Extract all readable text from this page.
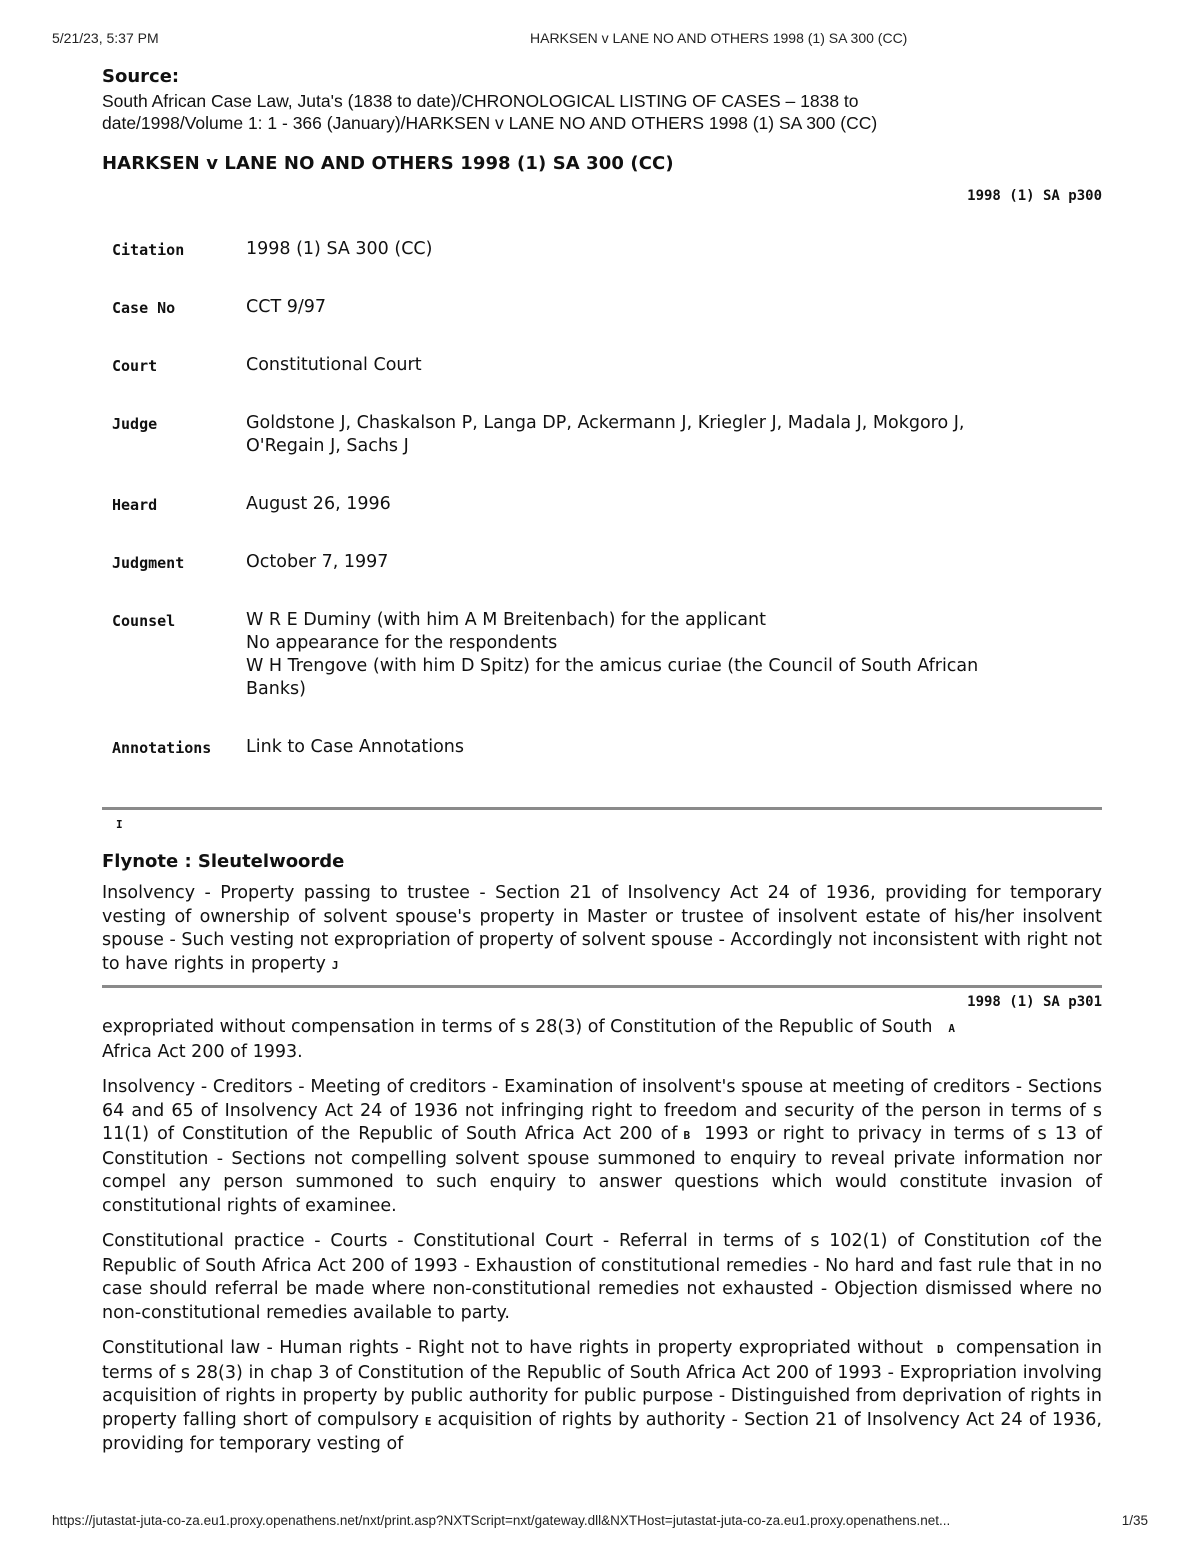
5/21/23, 5:37 PM	HARKSEN v LANE NO AND OTHERS 1998 (1) SA 300 (CC)
Source:
South African Case Law, Juta's (1838 to date)/CHRONOLOGICAL LISTING OF CASES – 1838 to
date/1998/Volume 1: 1 - 366 (January)/HARKSEN v LANE NO AND OTHERS 1998 (1) SA 300 (CC)
HARKSEN v LANE NO AND OTHERS 1998 (1) SA 300 (CC)
1998 (1) SA p300
Citation	1998 (1) SA 300 (CC)

Case No	CCT 9/97

Court	Constitutional Court

Judge	Goldstone J, Chaskalson P, Langa DP, Ackermann J, Kriegler J, Madala J, Mokgoro J,
O'Regain J, Sachs J

Heard	August 26, 1996

Judgment	October 7, 1997

Counsel	W R E Duminy (with him A M Breitenbach) for the applicant
No appearance for the respondents
W H Trengove (with him D Spitz) for the amicus curiae (the Council of South African
Banks)

Annotations	Link to Case Annotations
I
Flynote : Sleutelwoorde

Insolvency - Property passing to trustee - Section 21 of Insolvency Act 24 of 1936, providing for temporary vesting of ownership of solvent spouse's property in Master or trustee of insolvent estate of his/her insolvent spouse - Such vesting not expropriation of property of solvent spouse - Accordingly not inconsistent with right not to have rights in property J

1998 (1) SA p301

expropriated without compensation in terms of s 28(3) of Constitution of the Republic of South A
Africa Act 200 of 1993.

Insolvency - Creditors - Meeting of creditors - Examination of insolvent's spouse at meeting of creditors - Sections 64 and 65 of Insolvency Act 24 of 1936 not infringing right to freedom and security of the person in terms of s 11(1) of Constitution of the Republic of South Africa Act 200 of B 1993 or right to privacy in terms of s 13 of Constitution - Sections not compelling solvent spouse summoned to enquiry to reveal private information nor compel any person summoned to such enquiry to answer questions which would constitute invasion of constitutional rights of examinee.

Constitutional practice - Courts - Constitutional Court - Referral in terms of s 102(1) of Constitution Cof the Republic of South Africa Act 200 of 1993 - Exhaustion of constitutional remedies - No hard and fast rule that in no case should referral be made where non-constitutional remedies not exhausted - Objection dismissed where no non-constitutional remedies available to party.

Constitutional law - Human rights - Right not to have rights in property expropriated without D compensation in terms of s 28(3) in chap 3 of Constitution of the Republic of South Africa Act 200 of 1993 - Expropriation involving acquisition of rights in property by public authority for public purpose - Distinguished from deprivation of rights in property falling short of compulsory E acquisition of rights by authority - Section 21 of Insolvency Act 24 of 1936, providing for temporary vesting of

https://jutastat-juta-co-za.eu1.proxy.openathens.net/nxt/print.asp?NXTScript=nxt/gateway.dll&NXTHost=jutastat-juta-co-za.eu1.proxy.openathens.net...	1/35
